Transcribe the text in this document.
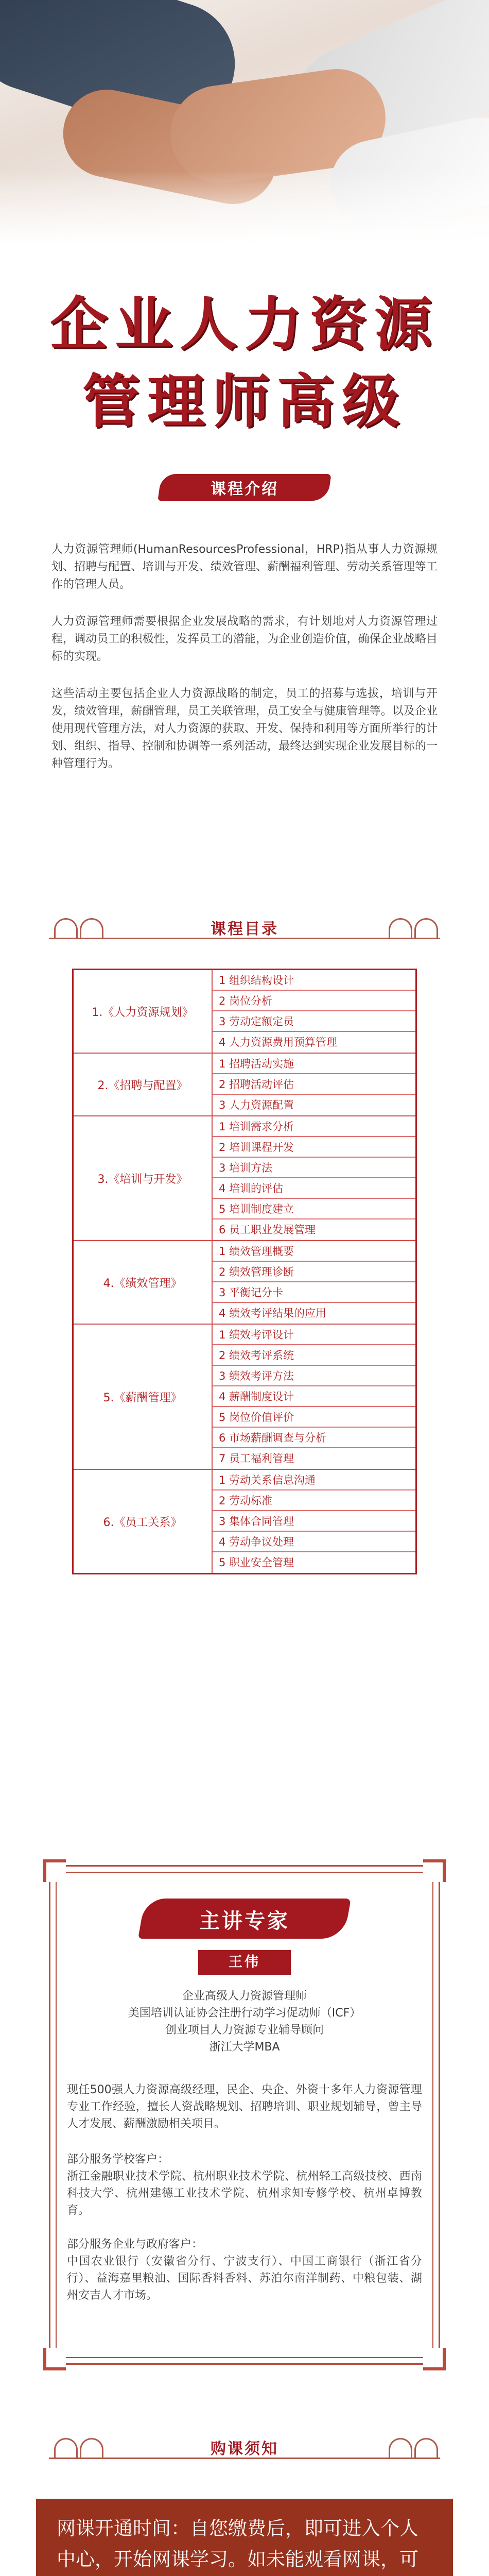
企业人力资源
管理师高级
课程介绍
人力资源管理师(HumanResourcesProfessional，HRP)指从事人力资源规划、招聘与配置、培训与开发、绩效管理、薪酬福利管理、劳动关系管理等工作的管理人员。
人力资源管理师需要根据企业发展战略的需求，有计划地对人力资源管理过程，调动员工的积极性，发挥员工的潜能，为企业创造价值，确保企业战略目标的实现。
这些活动主要包括企业人力资源战略的制定，员工的招募与选拔，培训与开发，绩效管理，薪酬管理，员工关联管理，员工安全与健康管理等。以及企业使用现代管理方法，对人力资源的获取、开发、保持和利用等方面所举行的计划、组织、指导、控制和协调等一系列活动，最终达到实现企业发展目标的一种管理行为。
课程目录
1.《人力资源规划》
1 组织结构设计
2 岗位分析
3 劳动定额定员
4 人力资源费用预算管理
2.《招聘与配置》
1 招聘活动实施
2 招聘活动评估
3 人力资源配置
3.《培训与开发》
1 培训需求分析
2 培训课程开发
3 培训方法
4 培训的评估
5 培训制度建立
6 员工职业发展管理
4.《绩效管理》
1 绩效管理概要
2 绩效管理诊断
3 平衡记分卡
4 绩效考评结果的应用
5.《薪酬管理》
1 绩效考评设计
2 绩效考评系统
3 绩效考评方法
4 薪酬制度设计
5 岗位价值评价
6 市场薪酬调查与分析
7 员工福利管理
6.《员工关系》
1 劳动关系信息沟通
2 劳动标准
3 集体合同管理
4 劳动争议处理
5 职业安全管理
主讲专家
王伟
企业高级人力资源管理师
美国培训认证协会注册行动学习促动师（ICF）
创业项目人力资源专业辅导顾问
浙江大学MBA
现任500强人力资源高级经理，民企、央企、外资十多年人力资源管理专业工作经验，擅长人资战略规划、招聘培训、职业规划辅导，曾主导人才发展、薪酬激励相关项目。
部分服务学校客户：
浙江金融职业技术学院、杭州职业技术学院、杭州轻工高级技校、西南科技大学、杭州建德工业技术学院、杭州求知专修学校、杭州卓博教育。
部分服务企业与政府客户：
中国农业银行（安徽省分行、宁波支行）、中国工商银行（浙江省分行）、益海嘉里粮油、国际香料香料、苏泊尔南洋制药、中粮包装、湖州安吉人才市场。
购课须知
网课开通时间：自您缴费后，即可进入个人中心，开始网课学习。如未能观看网课，可
